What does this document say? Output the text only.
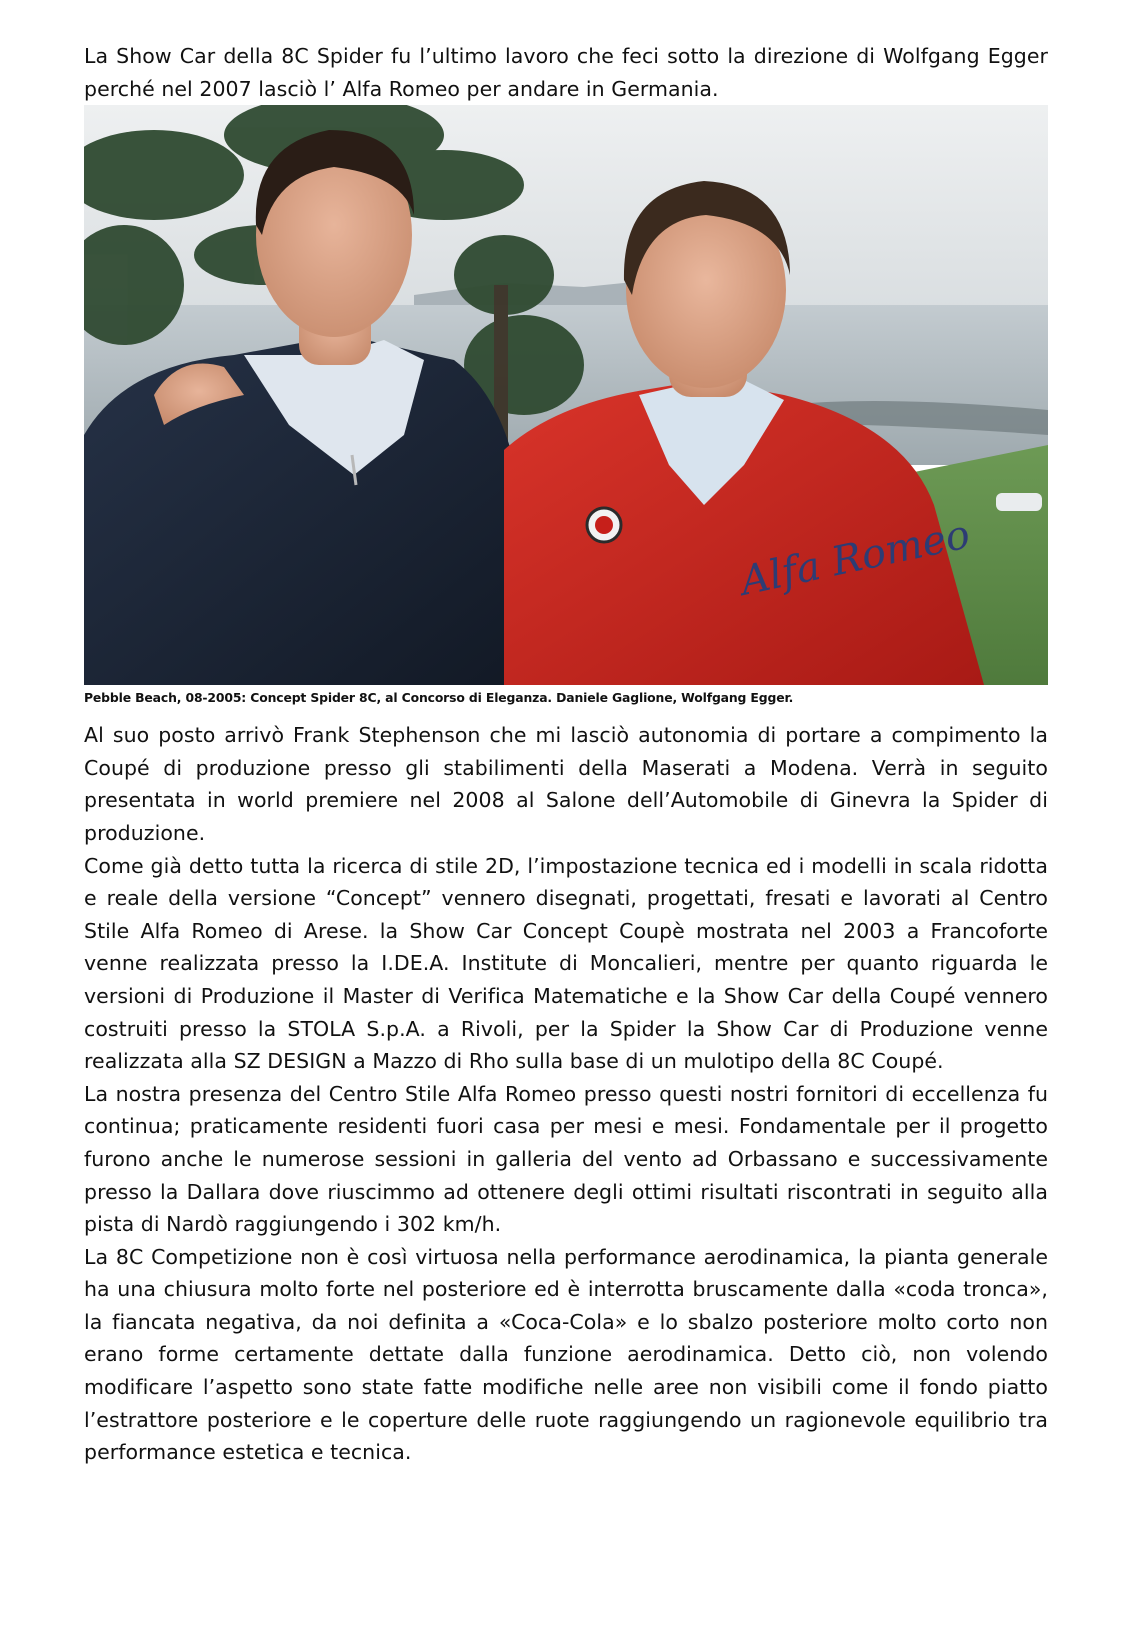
La Show Car della 8C Spider fu l’ultimo lavoro che feci sotto la direzione di Wolfgang Egger perché nel 2007 lasciò l’ Alfa Romeo per andare in Germania.

Alfa Romeo
Pebble Beach, 08-2005: Concept Spider 8C, al Concorso di Eleganza. Daniele Gaglione, Wolfgang Egger.

Al suo posto arrivò Frank Stephenson che mi lasciò autonomia di portare a compimento la Coupé di produzione presso gli stabilimenti della Maserati a Modena. Verrà in seguito presentata in world premiere nel 2008 al Salone dell’Automobile di Ginevra la Spider di produzione.

Come già detto tutta la ricerca di stile 2D, l’impostazione tecnica ed i modelli in scala ridotta e reale della versione “Concept” vennero disegnati, progettati, fresati e lavorati al Centro Stile Alfa Romeo di Arese. la Show Car Concept Coupè mostrata nel 2003 a Francoforte venne realizzata presso la I.DE.A. Institute di Moncalieri, mentre per quanto riguarda le versioni di Produzione il Master di Verifica Matematiche e la Show Car della Coupé vennero costruiti presso la STOLA S.p.A. a Rivoli, per la Spider la Show Car di Produzione venne realizzata alla SZ DESIGN a Mazzo di Rho sulla base di un mulotipo della 8C Coupé.

La nostra presenza del Centro Stile Alfa Romeo presso questi nostri fornitori di eccellenza fu continua; praticamente residenti fuori casa per mesi e mesi. Fondamentale per il progetto furono anche le numerose sessioni in galleria del vento ad Orbassano e successivamente presso la Dallara dove riuscimmo ad ottenere degli ottimi risultati riscontrati in seguito alla pista di Nardò raggiungendo i 302 km/h.

La 8C Competizione non è così virtuosa nella performance aerodinamica, la pianta generale ha una chiusura molto forte nel posteriore ed è interrotta bruscamente dalla «coda tronca», la fiancata negativa, da noi definita a «Coca-Cola» e lo sbalzo posteriore molto corto non erano forme certamente dettate dalla funzione aerodinamica. Detto ciò, non volendo modificare l’aspetto sono state fatte modifiche nelle aree non visibili come il fondo piatto l’estrattore posteriore e le coperture delle ruote raggiungendo un ragionevole equilibrio tra performance estetica e tecnica.
